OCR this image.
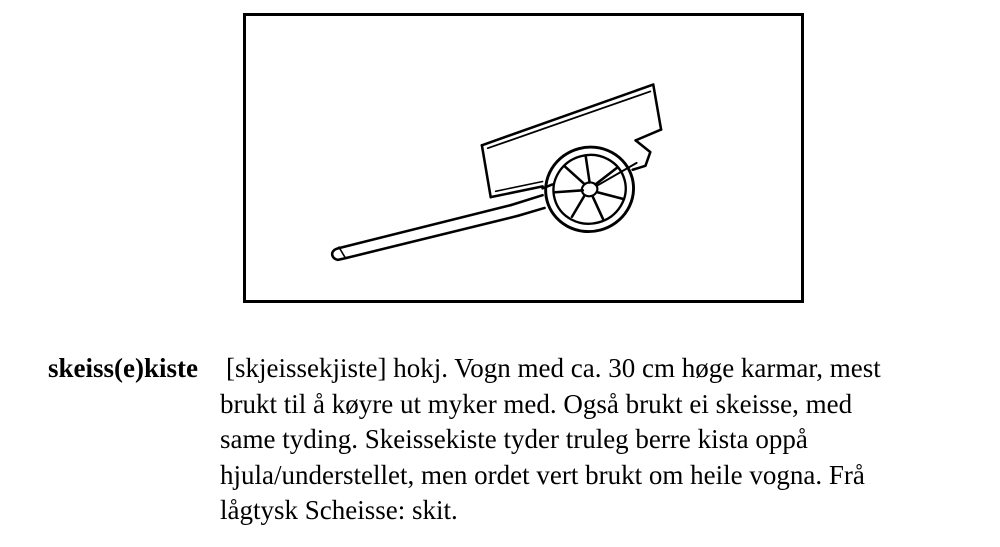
skeiss(e)kiste [skjeissekjiste] hokj. Vogn med ca. 30 cm høge karmar, mest
brukt til å køyre ut myker med. Også brukt ei skeisse, med
same tyding. Skeissekiste tyder truleg berre kista oppå
hjula/understellet, men ordet vert brukt om heile vogna. Frå
lågtysk Scheisse: skit.
